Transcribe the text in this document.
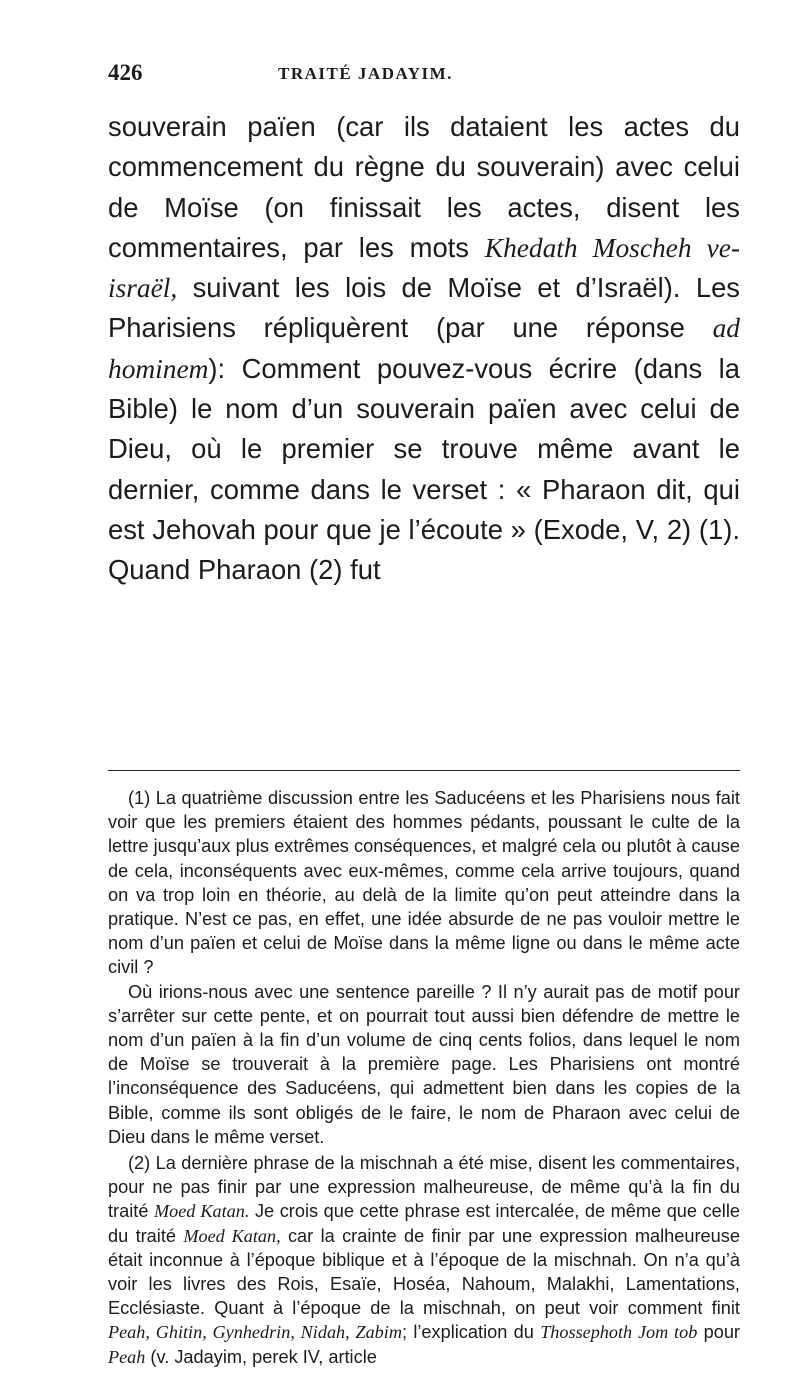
426	TRAITÉ JADAYIM.

souverain païen (car ils dataient les actes du commencement du règne du souverain) avec celui de Moïse (on finissait les actes, disent les commentaires, par les mots Khedath Moscheh ve-israël, suivant les lois de Moïse et d’Israël). Les Pharisiens répliquèrent (par une réponse ad hominem): Comment pouvez-vous écrire (dans la Bible) le nom d’un souverain païen avec celui de Dieu, où le premier se trouve même avant le dernier, comme dans le verset : « Pharaon dit, qui est Jehovah pour que je l’écoute » (Exode, V, 2) (1). Quand Pharaon (2) fut

(1) La quatrième discussion entre les Saducéens et les Pharisiens nous fait voir que les premiers étaient des hommes pédants, poussant le culte de la lettre jusqu’aux plus extrêmes conséquences, et malgré cela ou plutôt à cause de cela, inconséquents avec eux-mêmes, comme cela arrive toujours, quand on va trop loin en théorie, au delà de la limite qu’on peut atteindre dans la pratique. N’est ce pas, en effet, une idée absurde de ne pas vouloir mettre le nom d’un païen et celui de Moïse dans la même ligne ou dans le même acte civil ?

Où irions-nous avec une sentence pareille ? Il n’y aurait pas de motif pour s’arrêter sur cette pente, et on pourrait tout aussi bien défendre de mettre le nom d’un païen à la fin d’un volume de cinq cents folios, dans lequel le nom de Moïse se trouverait à la première page. Les Pharisiens ont montré l’inconséquence des Saducéens, qui admettent bien dans les copies de la Bible, comme ils sont obligés de le faire, le nom de Pharaon avec celui de Dieu dans le même verset.

(2) La dernière phrase de la mischnah a été mise, disent les commentaires, pour ne pas finir par une expression malheureuse, de même qu’à la fin du traité Moed Katan. Je crois que cette phrase est intercalée, de même que celle du traité Moed Katan, car la crainte de finir par une expression malheureuse était inconnue à l’époque biblique et à l’époque de la mischnah. On n’a qu’à voir les livres des Rois, Esaïe, Hoséa, Nahoum, Malakhi, Lamentations, Ecclésiaste. Quant à l’époque de la mischnah, on peut voir comment finit Peah, Ghitin, Gynhedrin, Nidah, Zabim; l’explication du Thossephoth Jom tob pour Peah (v. Jadayim, perek IV, article
